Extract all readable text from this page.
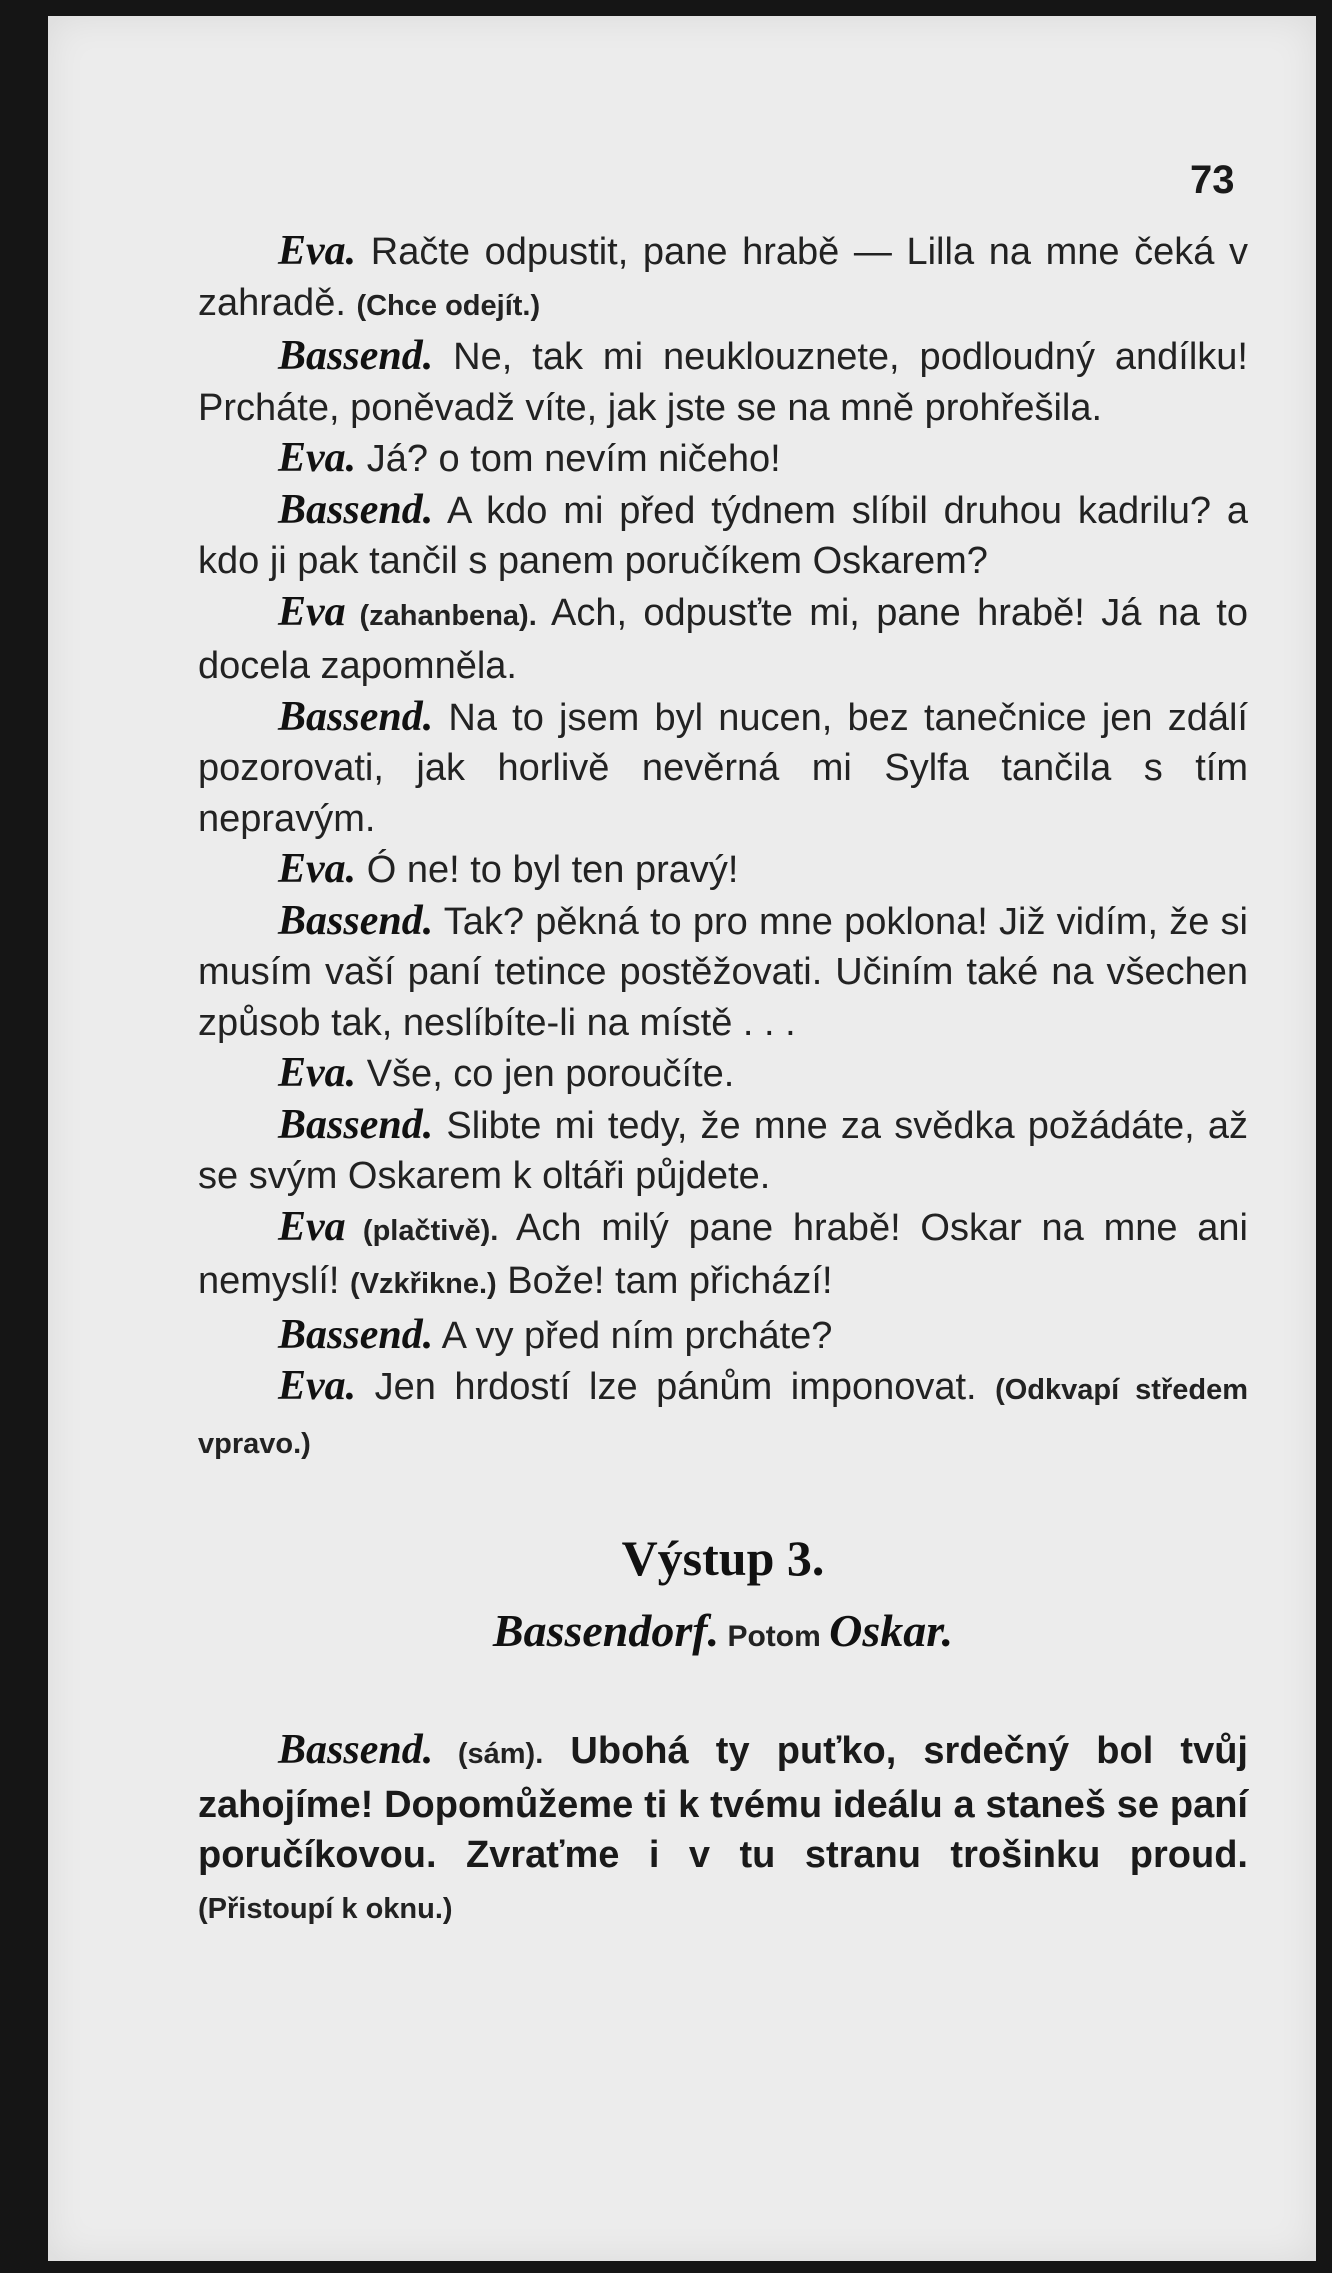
73

Eva. Račte odpustit, pane hrabě — Lilla na mne čeká v zahradě. (Chce odejít.)

Bassend. Ne, tak mi neuklouznete, podloudný andílku! Prcháte, poněvadž víte, jak jste se na mně prohřešila.

Eva. Já? o tom nevím ničeho!

Bassend. A kdo mi před týdnem slíbil druhou kadrilu? a kdo ji pak tančil s panem poručíkem Oskarem?

Eva (zahanbena). Ach, odpusťte mi, pane hrabě! Já na to docela zapomněla.

Bassend. Na to jsem byl nucen, bez tanečnice jen zdálí pozorovati, jak horlivě nevěrná mi Sylfa tančila s tím nepravým.

Eva. Ó ne! to byl ten pravý!

Bassend. Tak? pěkná to pro mne poklona! Již vidím, že si musím vaší paní tetince postěžovati. Učiním také na všechen způsob tak, neslíbíte-li na místě . . .

Eva. Vše, co jen poroučíte.

Bassend. Slibte mi tedy, že mne za svědka požádáte, až se svým Oskarem k oltáři půjdete.

Eva (plačtivě). Ach milý pane hrabě! Oskar na mne ani nemyslí! (Vzkřikne.) Bože! tam přichází!

Bassend. A vy před ním prcháte?

Eva. Jen hrdostí lze pánům imponovat. (Odkvapí středem vpravo.)

Výstup 3.

Bassendorf. Potom Oskar.

Bassend. (sám). Ubohá ty puťko, srdečný bol tvůj zahojíme! Dopomůžeme ti k tvému ideálu a staneš se paní poručíkovou. Zvraťme i v tu stranu trošinku proud. (Přistoupí k oknu.)
